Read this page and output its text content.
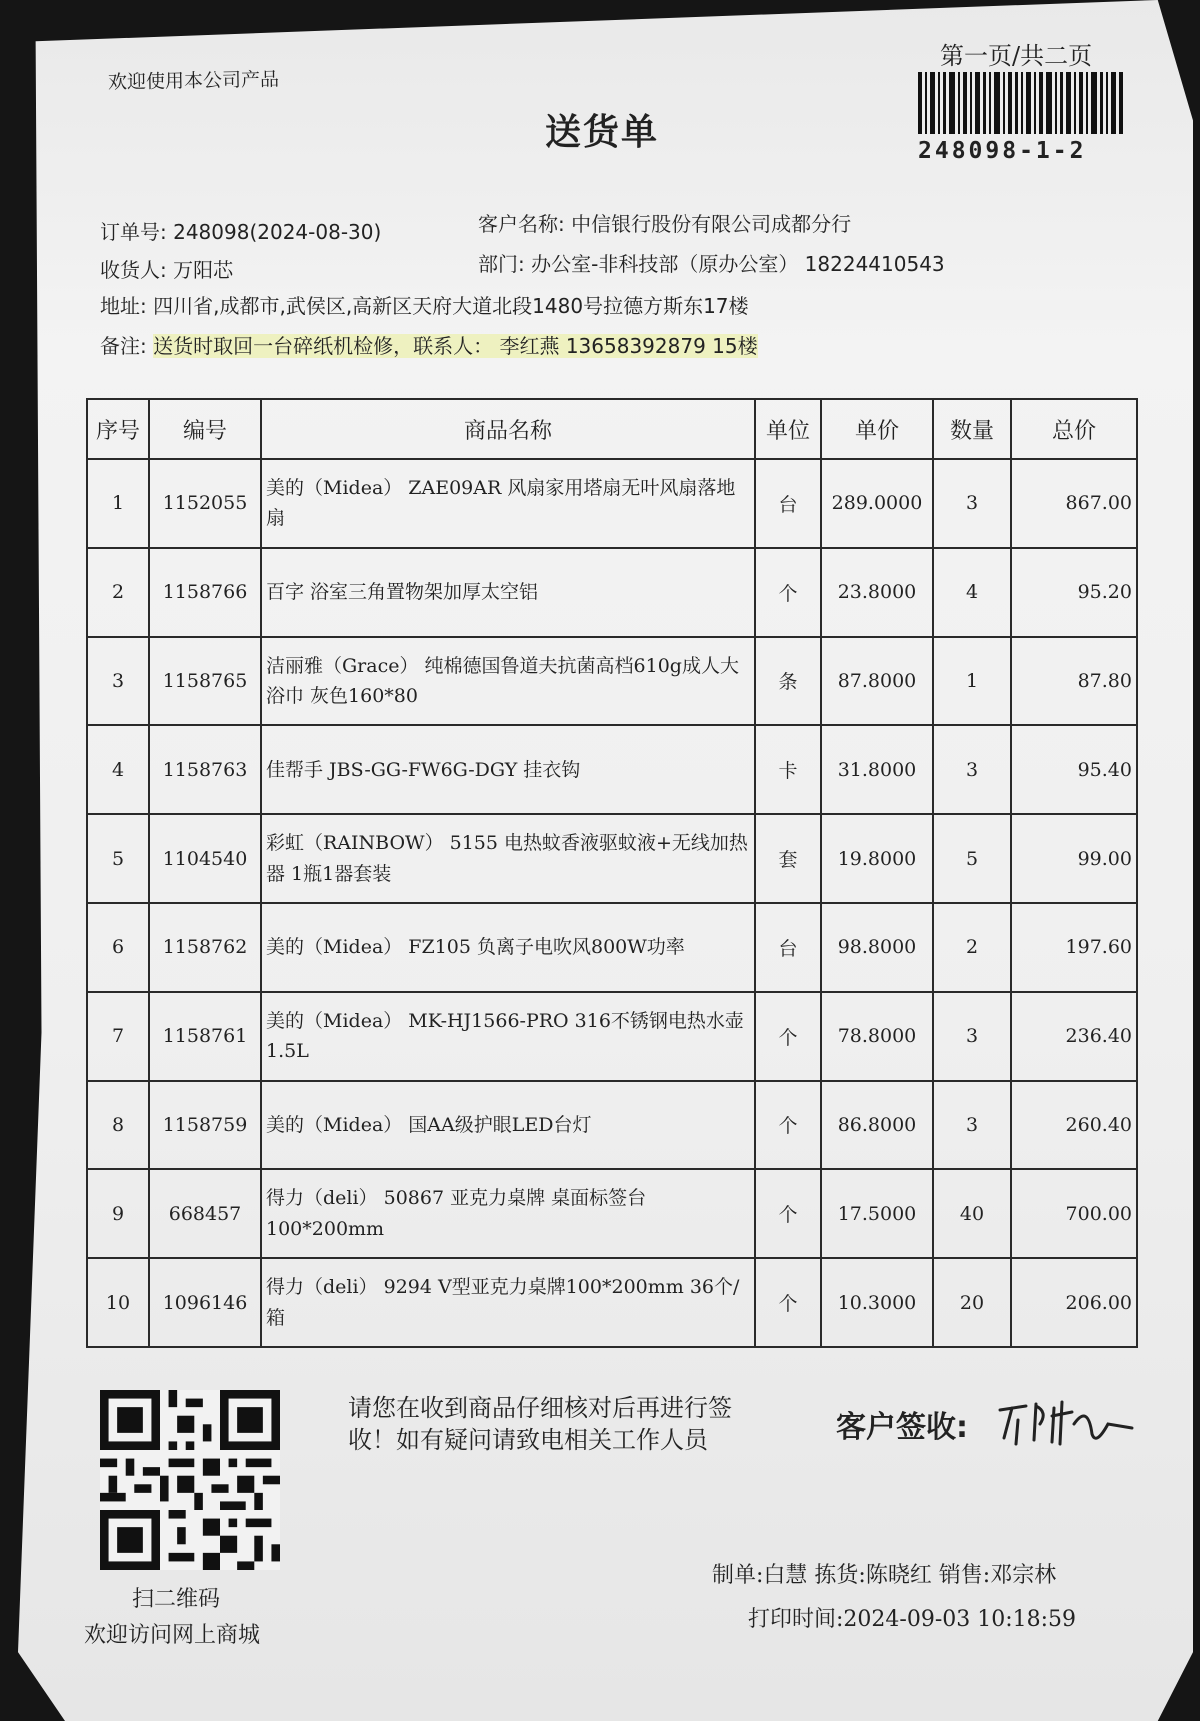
欢迎使用本公司产品
送货单
第一页/共二页
248098-1-2
订单号: 248098(2024-08-30)	客户名称: 中信银行股份有限公司成都分行
收货人: 万阳芯	部门: 办公室-非科技部（原办公室） 18224410543
地址: 四川省,成都市,武侯区,高新区天府大道北段1480号拉德方斯东17楼
备注: 送货时取回一台碎纸机检修，联系人： 李红燕 13658392879 15楼
序号	编号	商品名称	单位	单价	数量	总价
1	1152055	美的（Midea） ZAE09AR 风扇家用塔扇无叶风扇落地扇	台	289.0000	3	867.00
2	1158766	百字 浴室三角置物架加厚太空铝	个	23.8000	4	95.20
3	1158765	洁丽雅（Grace） 纯棉德国鲁道夫抗菌高档610g成人大浴巾 灰色160*80	条	87.8000	1	87.80
4	1158763	佳帮手 JBS-GG-FW6G-DGY 挂衣钩	卡	31.8000	3	95.40
5	1104540	彩虹（RAINBOW） 5155 电热蚊香液驱蚊液+无线加热器 1瓶1器套装	套	19.8000	5	99.00
6	1158762	美的（Midea） FZ105 负离子电吹风800W功率	台	98.8000	2	197.60
7	1158761	美的（Midea） MK-HJ1566-PRO 316不锈钢电热水壶1.5L	个	78.8000	3	236.40
8	1158759	美的（Midea） 国AA级护眼LED台灯	个	86.8000	3	260.40
9	668457	得力（deli） 50867 亚克力桌牌 桌面标签台100*200mm	个	17.5000	40	700.00
10	1096146	得力（deli） 9294 V型亚克力桌牌100*200mm 36个/箱	个	10.3000	20	206.00
扫二维码
欢迎访问网上商城
请您在收到商品仔细核对后再进行签收！如有疑问请致电相关工作人员	客户签收:
制单:白慧 拣货:陈晓红 销售:邓宗林
打印时间:2024-09-03 10:18:59
